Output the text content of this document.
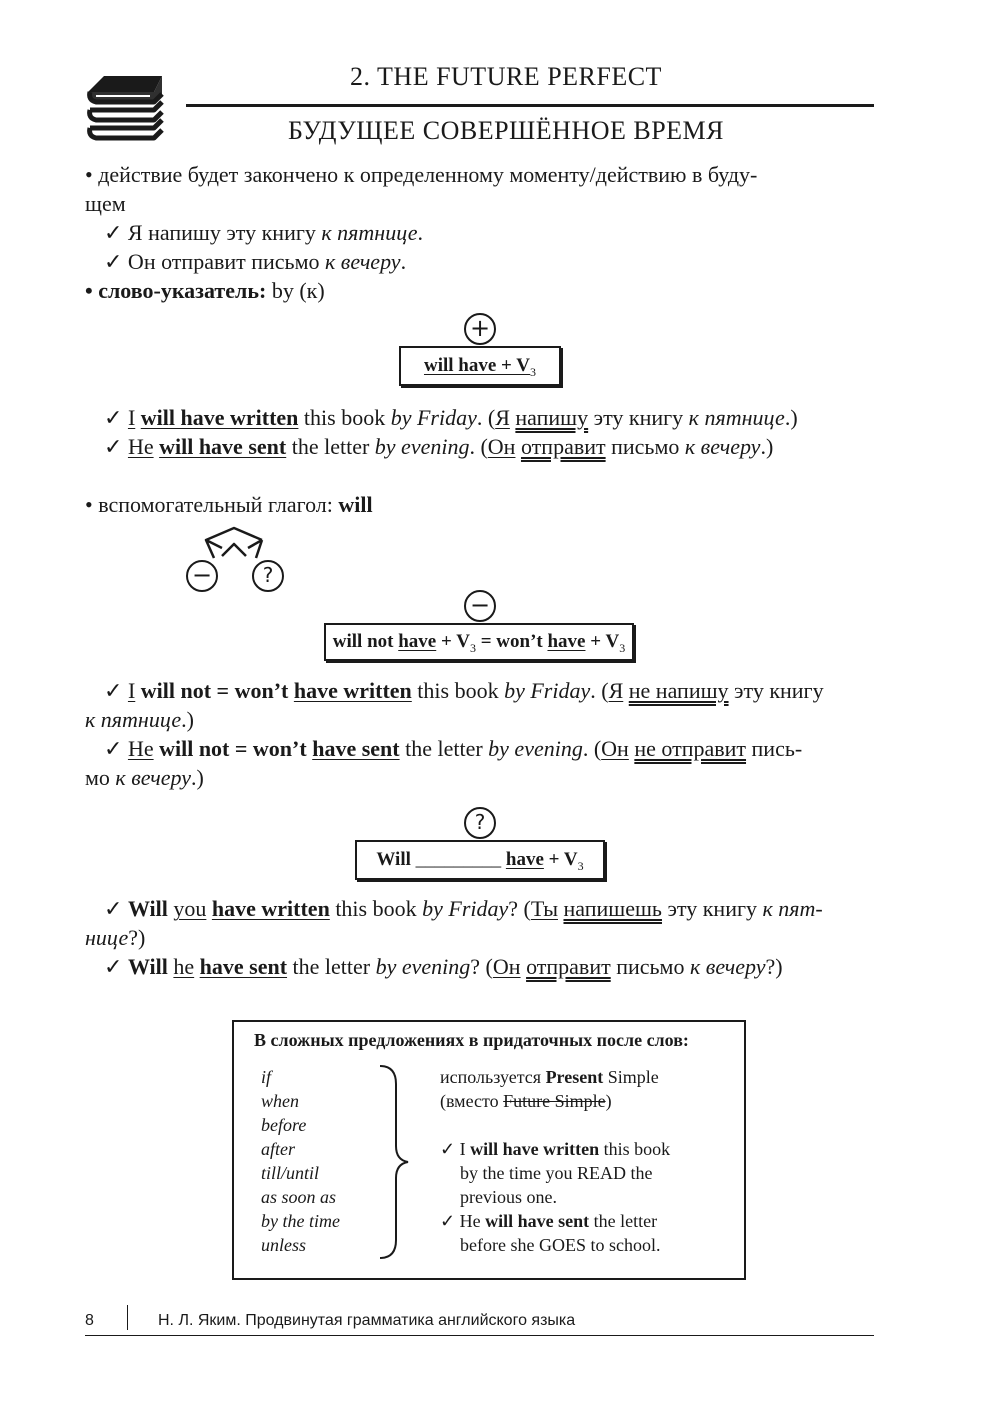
2. THE FUTURE PERFECT
БУДУЩЕЕ СОВЕРШЁННОЕ ВРЕМЯ
• действие будет закончено к определенному моменту/действию в буду-
щем
✓ Я напишу эту книгу к пятнице.
✓ Он отправит письмо к вечеру.
• слово-указатель: by (к)
+
will have + $V_3$
✓ I will have written this book by Friday. (Я напишу эту книгу к пятнице.)
✓ He will have sent the letter by evening. (Он отправит письмо к вечеру.)
• вспомогательный глагол: will
−	?
−
will not have + $V_3$ = won’t have + $V_3$
✓ I will not = won’t have written this book by Friday. (Я не напишу эту книгу
к пятнице.)
✓ He will not = won’t have sent the letter by evening. (Он не отправит пись-
мо к вечеру.)
?
Will _________ have + $V_3$
✓ Will you have written this book by Friday? (Ты напишешь эту книгу к пят-
нице?)
✓ Will he have sent the letter by evening? (Он отправит письмо к вечеру?)
В сложных предложениях в придаточных после слов:
if
when
before
after
till/until
as soon as
by the time
unless
используется Present Simple
(вместо Future Simple)
✓ I will have written this book
by the time you READ the
previous one.
✓ He will have sent the letter
before she GOES to school.
8	Н. Л. Яким. Продвинутая грамматика английского языка
